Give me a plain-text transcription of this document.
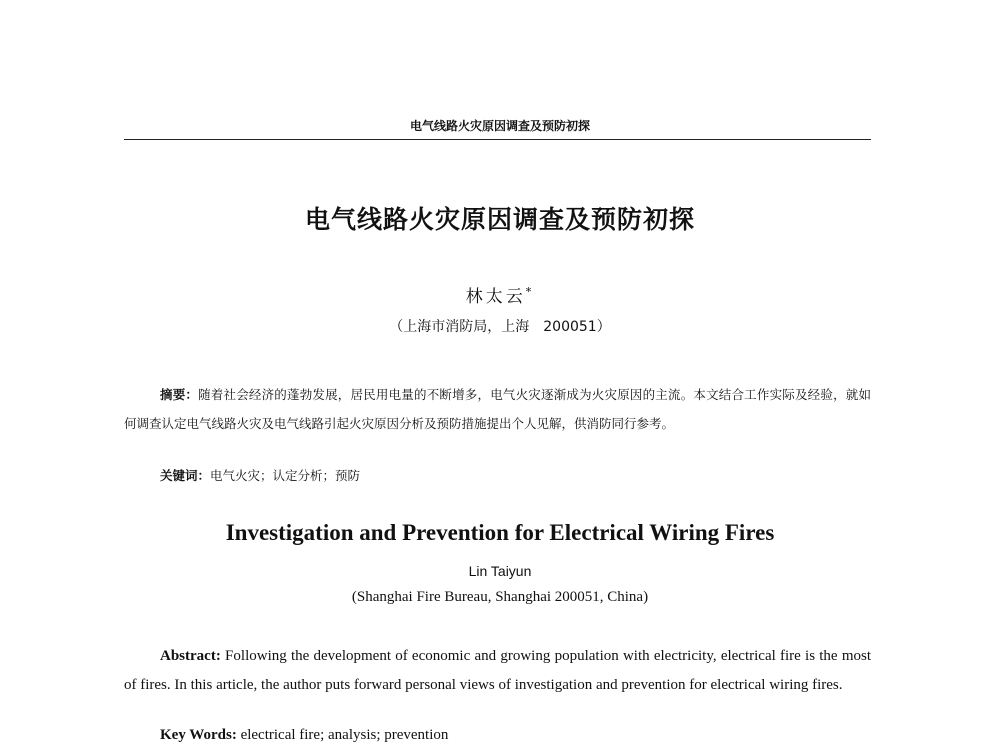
电气线路火灾原因调查及预防初探
电气线路火灾原因调查及预防初探
林太云*
（上海市消防局，上海　200051）
摘要：随着社会经济的蓬勃发展，居民用电量的不断增多，电气火灾逐渐成为火灾原因的主流。本文结合工作实际及经验，就如何调查认定电气线路火灾及电气线路引起火灾原因分析及预防措施提出个人见解，供消防同行参考。
关键词：电气火灾；认定分析；预防
Investigation and Prevention for Electrical Wiring Fires
Lin Taiyun
(Shanghai Fire Bureau, Shanghai 200051, China)
Abstract: Following the development of economic and growing population with electricity, electrical fire is the most of fires. In this article, the author puts forward personal views of investigation and prevention for electrical wiring fires.
Key Words: electrical fire; analysis; prevention
